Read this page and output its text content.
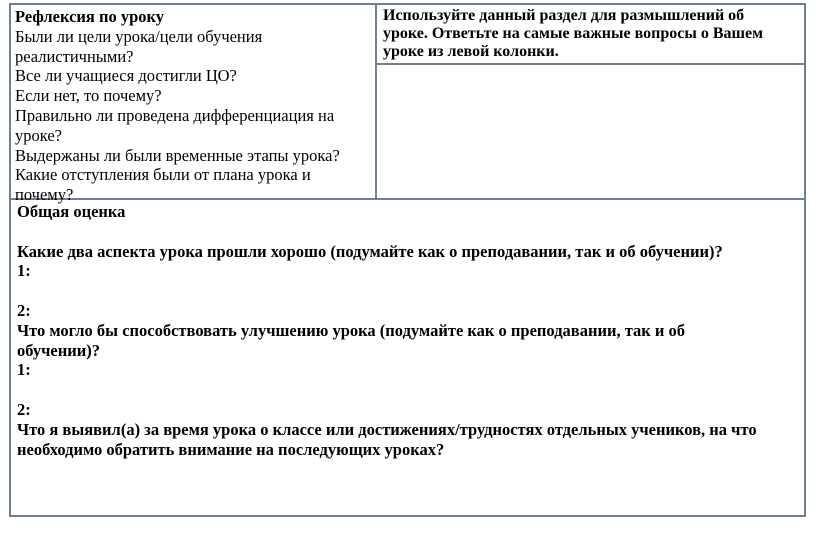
Рефлексия по уроку
Были ли цели урока/цели обучения
реалистичными?
Все ли учащиеся достигли ЦО?
Если нет, то почему?
Правильно ли проведена дифференциация на
уроке?
Выдержаны ли были временные этапы урока?
Какие отступления были от плана урока и
почему?
Используйте данный раздел для размышлений об
уроке. Ответьте на самые важные вопросы о Вашем
уроке из левой колонки.
Общая оценка
Какие два аспекта урока прошли хорошо (подумайте как о преподавании, так и об обучении)?
1:
2:
Что могло бы способствовать улучшению урока (подумайте как о преподавании, так и об
обучении)?
1:
2:
Что я выявил(а) за время урока о классе или достижениях/трудностях отдельных учеников, на что
необходимо обратить внимание на последующих уроках?
